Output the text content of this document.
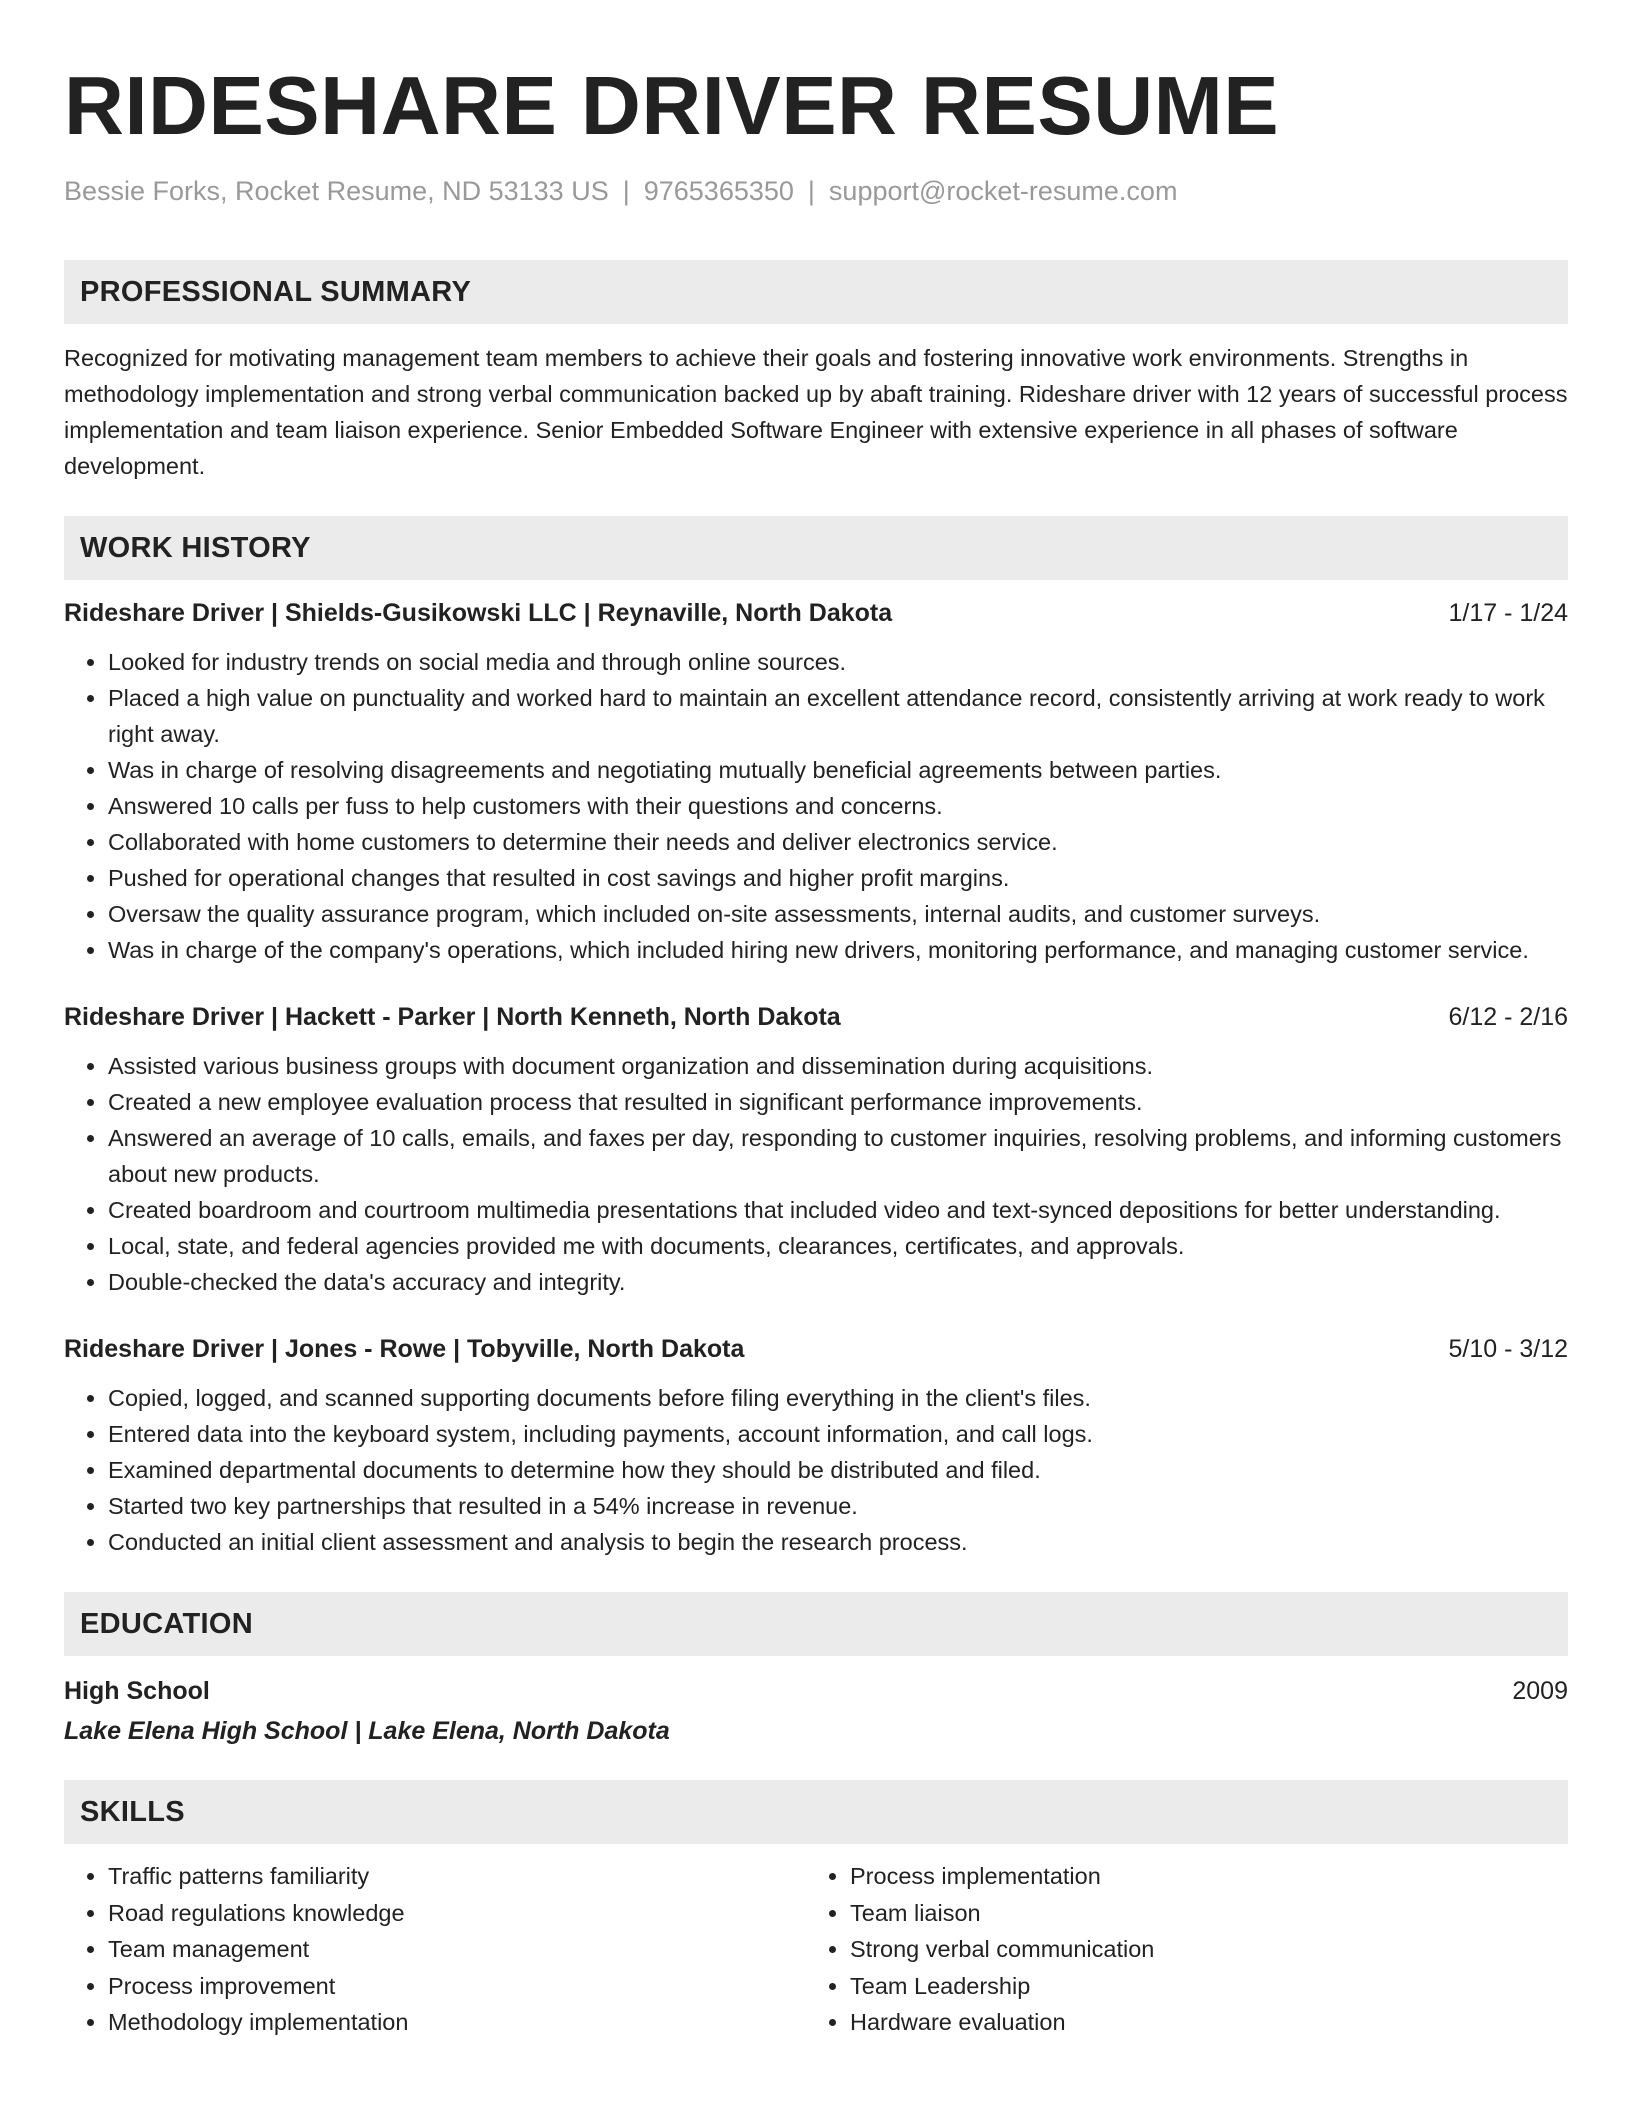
RIDESHARE DRIVER RESUME
Bessie Forks, Rocket Resume, ND 53133 US | 9765365350 | support@rocket-resume.com
PROFESSIONAL SUMMARY
Recognized for motivating management team members to achieve their goals and fostering innovative work environments. Strengths in methodology implementation and strong verbal communication backed up by abaft training. Rideshare driver with 12 years of successful process implementation and team liaison experience. Senior Embedded Software Engineer with extensive experience in all phases of software development.
WORK HISTORY
Rideshare Driver | Shields-Gusikowski LLC | Reynaville, North Dakota	1/17 - 1/24
• Looked for industry trends on social media and through online sources.
• Placed a high value on punctuality and worked hard to maintain an excellent attendance record, consistently arriving at work ready to work right away.
• Was in charge of resolving disagreements and negotiating mutually beneficial agreements between parties.
• Answered 10 calls per fuss to help customers with their questions and concerns.
• Collaborated with home customers to determine their needs and deliver electronics service.
• Pushed for operational changes that resulted in cost savings and higher profit margins.
• Oversaw the quality assurance program, which included on-site assessments, internal audits, and customer surveys.
• Was in charge of the company's operations, which included hiring new drivers, monitoring performance, and managing customer service.
Rideshare Driver | Hackett - Parker | North Kenneth, North Dakota	6/12 - 2/16
• Assisted various business groups with document organization and dissemination during acquisitions.
• Created a new employee evaluation process that resulted in significant performance improvements.
• Answered an average of 10 calls, emails, and faxes per day, responding to customer inquiries, resolving problems, and informing customers about new products.
• Created boardroom and courtroom multimedia presentations that included video and text-synced depositions for better understanding.
• Local, state, and federal agencies provided me with documents, clearances, certificates, and approvals.
• Double-checked the data's accuracy and integrity.
Rideshare Driver | Jones - Rowe | Tobyville, North Dakota	5/10 - 3/12
• Copied, logged, and scanned supporting documents before filing everything in the client's files.
• Entered data into the keyboard system, including payments, account information, and call logs.
• Examined departmental documents to determine how they should be distributed and filed.
• Started two key partnerships that resulted in a 54% increase in revenue.
• Conducted an initial client assessment and analysis to begin the research process.
EDUCATION
High School	2009
Lake Elena High School | Lake Elena, North Dakota
SKILLS
• Traffic patterns familiarity
• Road regulations knowledge
• Team management
• Process improvement
• Methodology implementation
• Process implementation
• Team liaison
• Strong verbal communication
• Team Leadership
• Hardware evaluation
